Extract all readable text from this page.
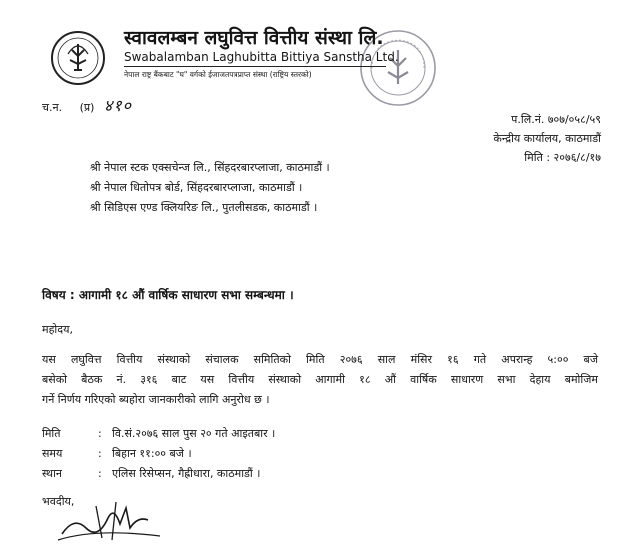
स्वावलम्बन लघुवित्त वित्तीय संस्था लि.
Swabalamban Laghubitta Bittiya Sanstha Ltd.
नेपाल राष्ट्र बैंकबाट "घ" वर्गको ईजाजतपत्रप्राप्त संस्था (राष्ट्रिय स्तरको)
च.न. (प्र) ४१०
प.लि.नं. ७०७/०५८/५९
केन्द्रीय कार्यालय, काठमाडौं
मिति : २०७६/८/१७
श्री नेपाल स्टक एक्सचेन्ज लि., सिंहदरबारप्लाजा, काठमाडौं ।
श्री नेपाल धितोपत्र बोर्ड, सिंहदरबारप्लाजा, काठमाडौं ।
श्री सिडिएस एण्ड क्लियरिङ लि., पुतलीसडक, काठमाडौं ।
विषय : आगामी १८ औं वार्षिक साधारण सभा सम्बन्धमा ।
महोदय,
यस लघुवित्त वित्तीय संस्थाको संचालक समितिको मिति २०७६ साल मंसिर १६ गते अपरान्ह ५:०० बजे
बसेको बैठक नं. ३१६ बाट यस वित्तीय संस्थाको आगामी १८ औं वार्षिक साधारण सभा देहाय बमोजिम
गर्ने निर्णय गरिएको ब्यहोरा जानकारीको लागि अनुरोध छ ।
मिति	: वि.सं.२०७६ साल पुस २० गते आइतबार ।
समय	: बिहान ११:०० बजे ।
स्थान	: एलिस रिसेप्सन, गैह्रीधारा, काठमाडौं ।
भवदीय,
